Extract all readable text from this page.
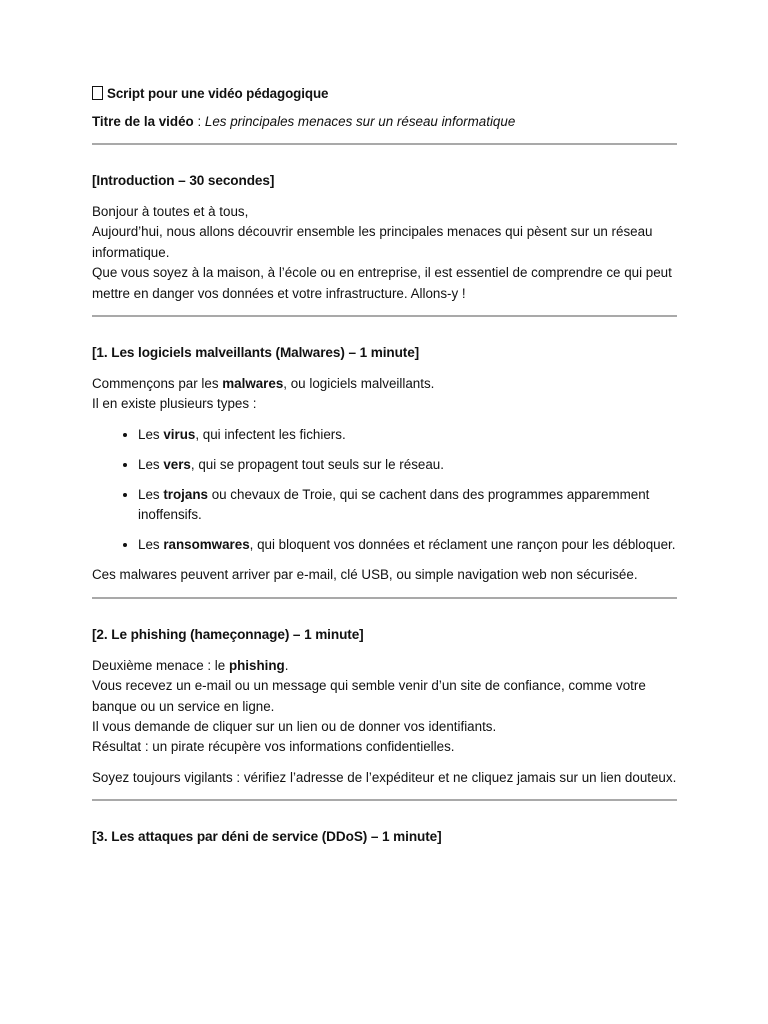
Script pour une vidéo pédagogique

Titre de la vidéo : Les principales menaces sur un réseau informatique

[Introduction – 30 secondes]

Bonjour à toutes et à tous,
Aujourd’hui, nous allons découvrir ensemble les principales menaces qui pèsent sur un réseau informatique.
Que vous soyez à la maison, à l’école ou en entreprise, il est essentiel de comprendre ce qui peut mettre en danger vos données et votre infrastructure. Allons-y !

[1. Les logiciels malveillants (Malwares) – 1 minute]

Commençons par les malwares, ou logiciels malveillants.
Il en existe plusieurs types :

• Les virus, qui infectent les fichiers.
• Les vers, qui se propagent tout seuls sur le réseau.
• Les trojans ou chevaux de Troie, qui se cachent dans des programmes apparemment inoffensifs.
• Les ransomwares, qui bloquent vos données et réclament une rançon pour les débloquer.

Ces malwares peuvent arriver par e-mail, clé USB, ou simple navigation web non sécurisée.

[2. Le phishing (hameçonnage) – 1 minute]

Deuxième menace : le phishing.
Vous recevez un e-mail ou un message qui semble venir d’un site de confiance, comme votre banque ou un service en ligne.
Il vous demande de cliquer sur un lien ou de donner vos identifiants.
Résultat : un pirate récupère vos informations confidentielles.

Soyez toujours vigilants : vérifiez l’adresse de l’expéditeur et ne cliquez jamais sur un lien douteux.

[3. Les attaques par déni de service (DDoS) – 1 minute]
